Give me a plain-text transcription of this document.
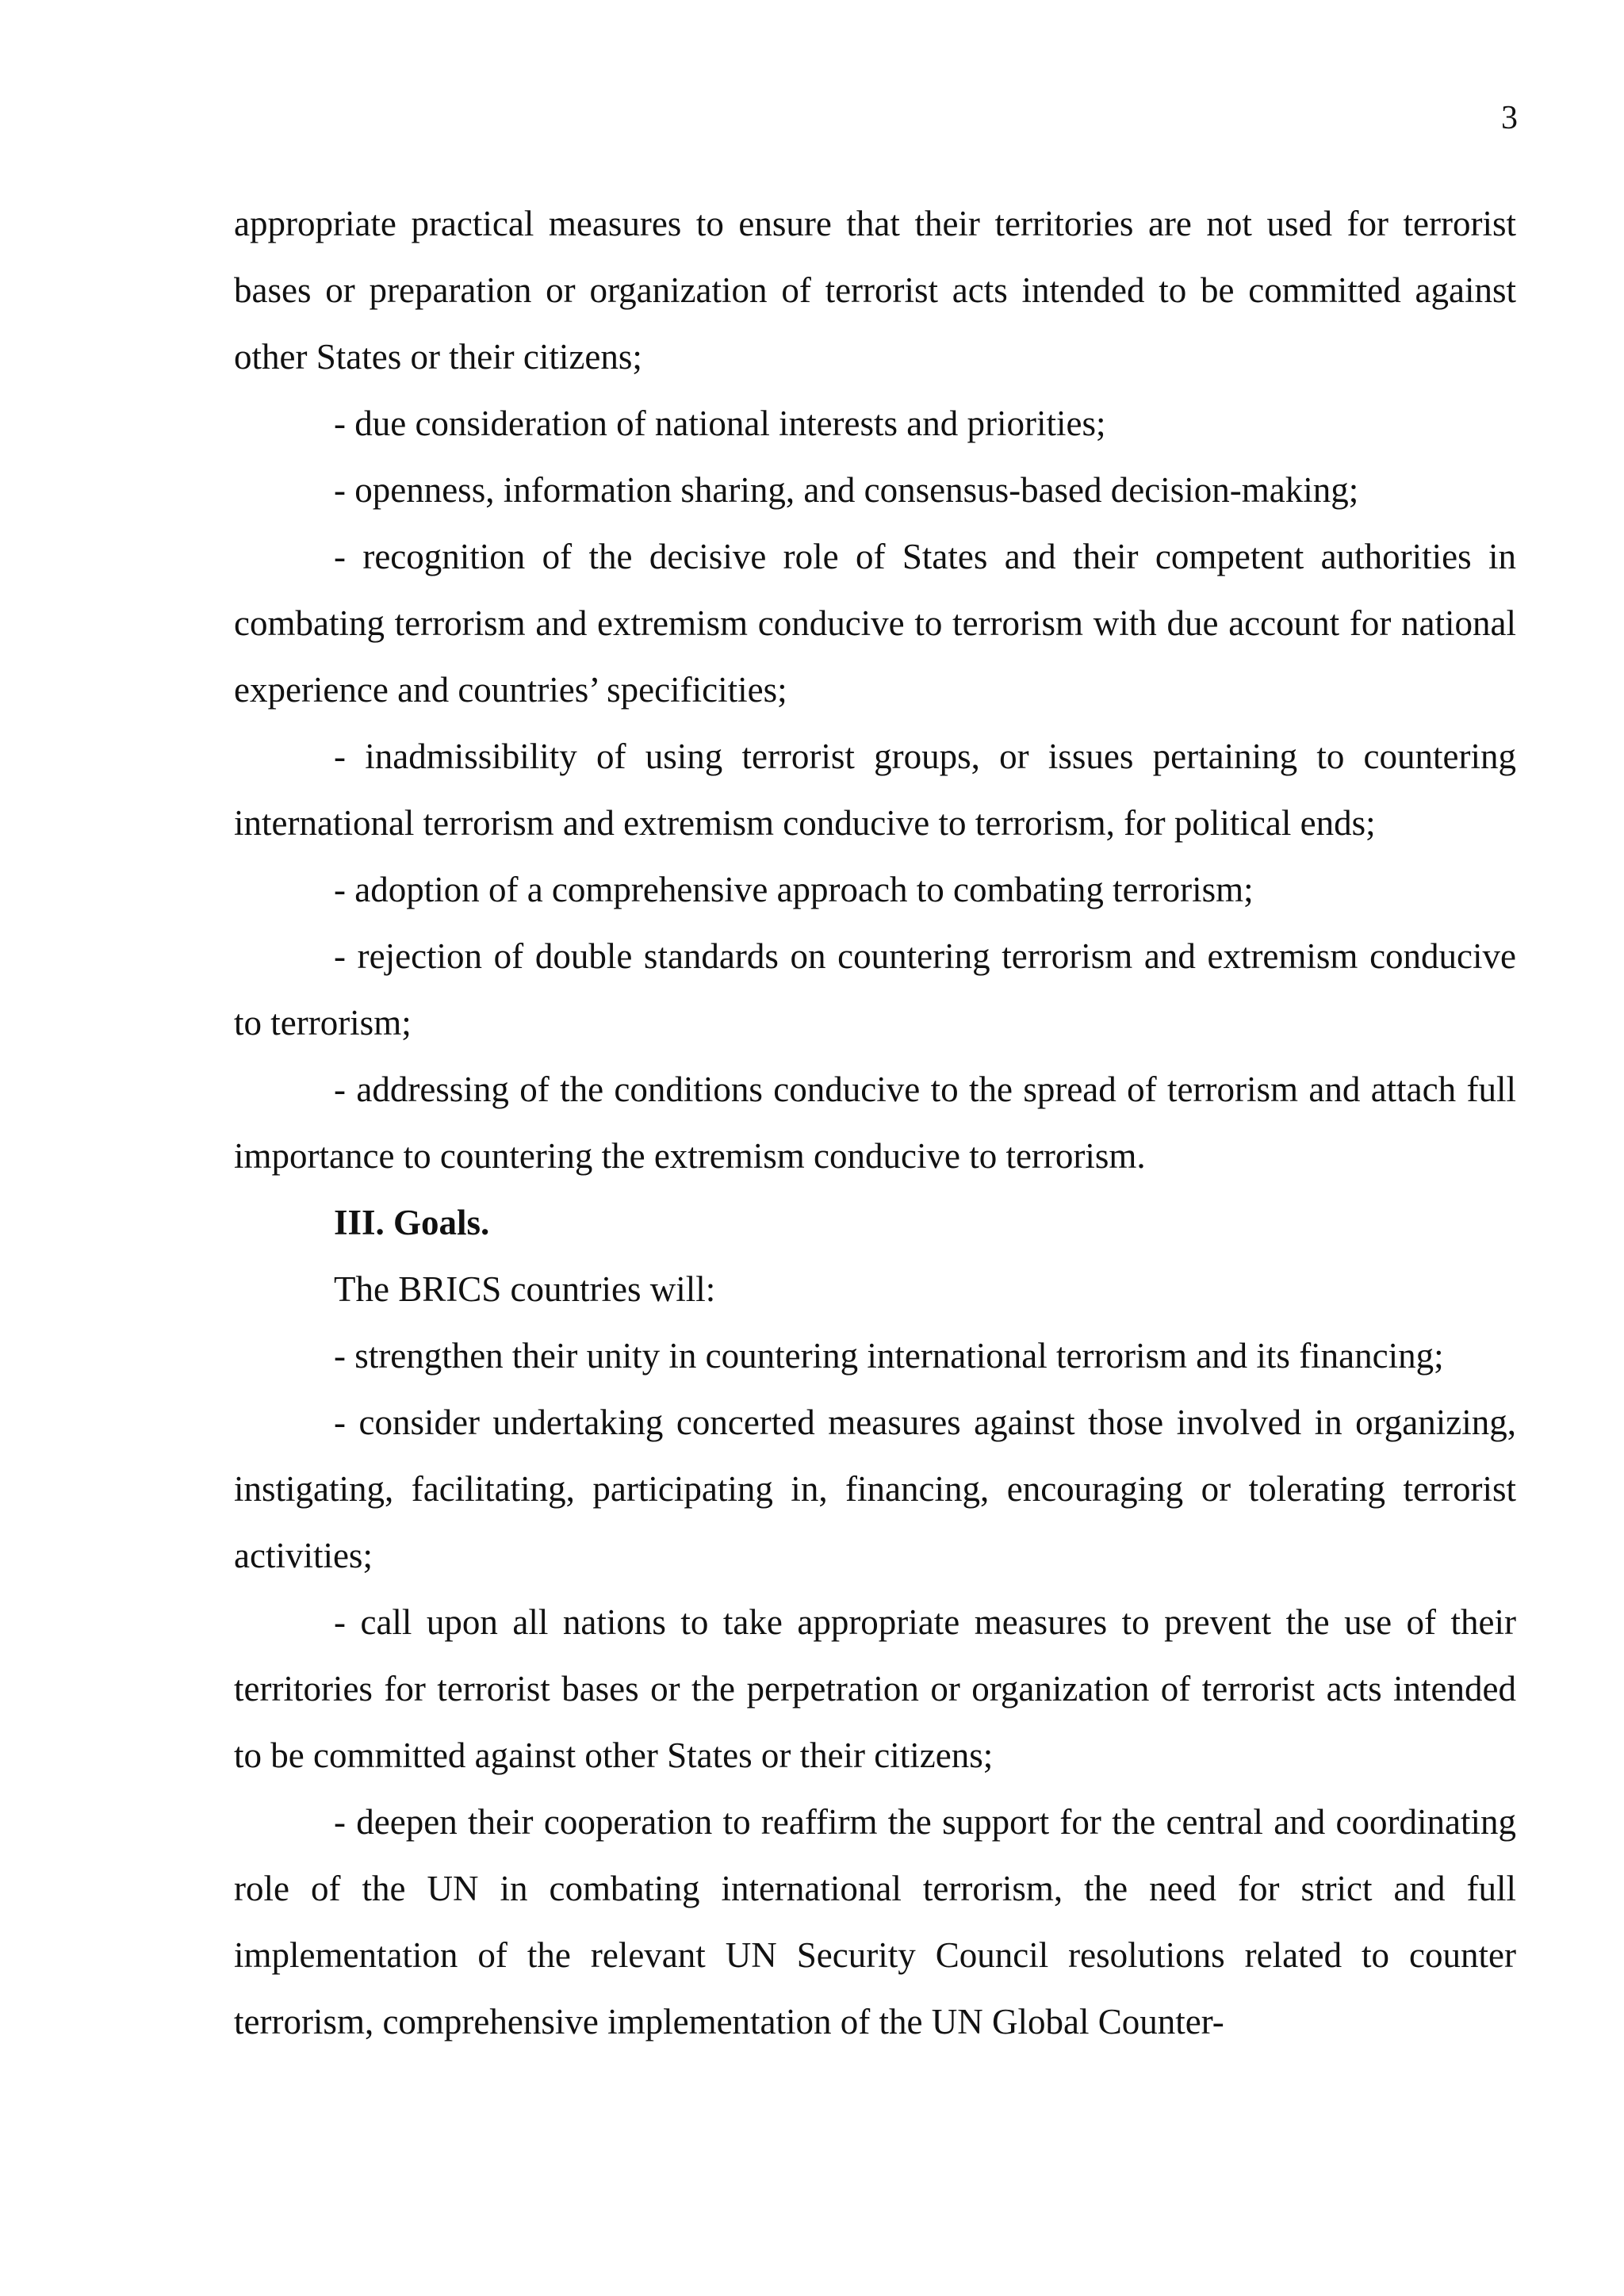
3

appropriate practical measures to ensure that their territories are not used for terrorist bases or preparation or organization of terrorist acts intended to be committed against other States or their citizens;

- due consideration of national interests and priorities;

- openness, information sharing, and consensus-based decision-making;

- recognition of the decisive role of States and their competent authorities in combating terrorism and extremism conducive to terrorism with due account for national experience and countries’ specificities;

- inadmissibility of using terrorist groups, or issues pertaining to countering international terrorism and extremism conducive to terrorism, for political ends;

- adoption of a comprehensive approach to combating terrorism;

- rejection of double standards on countering terrorism and extremism conducive to terrorism;

- addressing of the conditions conducive to the spread of terrorism and attach full importance to countering the extremism conducive to terrorism.

III. Goals.

The BRICS countries will:

- strengthen their unity in countering international terrorism and its financing;

- consider undertaking concerted measures against those involved in organizing, instigating, facilitating, participating in, financing, encouraging or tolerating terrorist activities;

- call upon all nations to take appropriate measures to prevent the use of their territories for terrorist bases or the perpetration or organization of terrorist acts intended to be committed against other States or their citizens;

- deepen their cooperation to reaffirm the support for the central and coordinating role of the UN in combating international terrorism, the need for strict and full implementation of the relevant UN Security Council resolutions related to counter terrorism, comprehensive implementation of the UN Global Counter-
